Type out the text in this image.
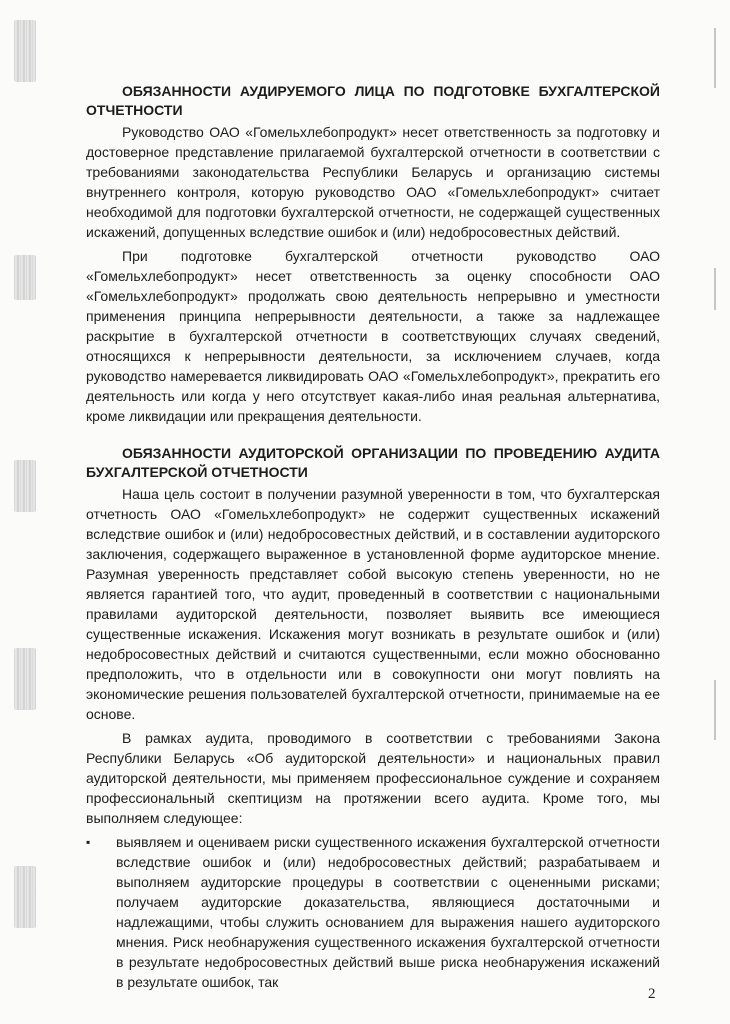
ОБЯЗАННОСТИ АУДИРУЕМОГО ЛИЦА ПО ПОДГОТОВКЕ БУХГАЛТЕРСКОЙ ОТЧЕТНОСТИ

Руководство ОАО «Гомельхлебопродукт» несет ответственность за подготовку и достоверное представление прилагаемой бухгалтерской отчетности в соответствии с требованиями законодательства Республики Беларусь и организацию системы внутреннего контроля, которую руководство ОАО «Гомельхлебопродукт» считает необходимой для подготовки бухгалтерской отчетности, не содержащей существенных искажений, допущенных вследствие ошибок и (или) недобросовестных действий.

При подготовке бухгалтерской отчетности руководство ОАО «Гомельхлебопродукт» несет ответственность за оценку способности ОАО «Гомельхлебопродукт» продолжать свою деятельность непрерывно и уместности применения принципа непрерывности деятельности, а также за надлежащее раскрытие в бухгалтерской отчетности в соответствующих случаях сведений, относящихся к непрерывности деятельности, за исключением случаев, когда руководство намеревается ликвидировать ОАО «Гомельхлебопродукт», прекратить его деятельность или когда у него отсутствует какая-либо иная реальная альтернатива, кроме ликвидации или прекращения деятельности.

ОБЯЗАННОСТИ АУДИТОРСКОЙ ОРГАНИЗАЦИИ ПО ПРОВЕДЕНИЮ АУДИТА БУХГАЛТЕРСКОЙ ОТЧЕТНОСТИ

Наша цель состоит в получении разумной уверенности в том, что бухгалтерская отчетность ОАО «Гомельхлебопродукт» не содержит существенных искажений вследствие ошибок и (или) недобросовестных действий, и в составлении аудиторского заключения, содержащего выраженное в установленной форме аудиторское мнение. Разумная уверенность представляет собой высокую степень уверенности, но не является гарантией того, что аудит, проведенный в соответствии с национальными правилами аудиторской деятельности, позволяет выявить все имеющиеся существенные искажения. Искажения могут возникать в результате ошибок и (или) недобросовестных действий и считаются существенными, если можно обоснованно предположить, что в отдельности или в совокупности они могут повлиять на экономические решения пользователей бухгалтерской отчетности, принимаемые на ее основе.

В рамках аудита, проводимого в соответствии с требованиями Закона Республики Беларусь «Об аудиторской деятельности» и национальных правил аудиторской деятельности, мы применяем профессиональное суждение и сохраняем профессиональный скептицизм на протяжении всего аудита. Кроме того, мы выполняем следующее:

▪ выявляем и оцениваем риски существенного искажения бухгалтерской отчетности вследствие ошибок и (или) недобросовестных действий; разрабатываем и выполняем аудиторские процедуры в соответствии с оцененными рисками; получаем аудиторские доказательства, являющиеся достаточными и надлежащими, чтобы служить основанием для выражения нашего аудиторского мнения. Риск необнаружения существенного искажения бухгалтерской отчетности в результате недобросовестных действий выше риска необнаружения искажений в результате ошибок, так
2
